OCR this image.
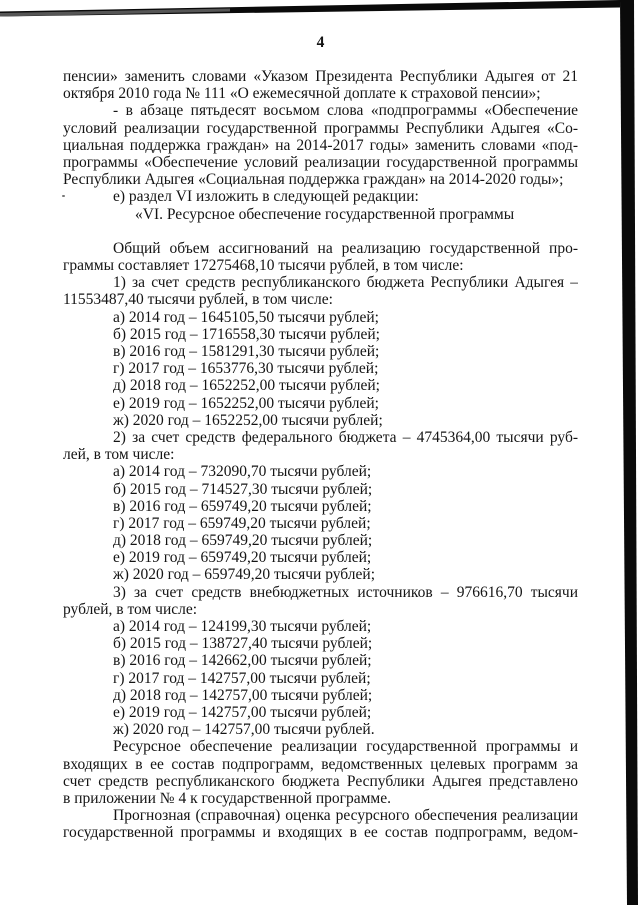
4
пенсии» заменить словами «Указом Президента Республики Адыгея от 21
октября 2010 года № 111 «О ежемесячной доплате к страховой пенсии»;
- в абзаце пятьдесят восьмом слова «подпрограммы «Обеспечение
условий реализации государственной программы Республики Адыгея «Со-
циальная поддержка граждан» на 2014-2017 годы» заменить словами «под-
программы «Обеспечение условий реализации государственной программы
Республики Адыгея «Социальная поддержка граждан» на 2014-2020 годы»;
е) раздел VI изложить в следующей редакции:
«VI. Ресурсное обеспечение государственной программы
Общий объем ассигнований на реализацию государственной про-
граммы составляет 17275468,10 тысячи рублей, в том числе:
1) за счет средств республиканского бюджета Республики Адыгея –
11553487,40 тысячи рублей, в том числе:
а) 2014 год – 1645105,50 тысячи рублей;
б) 2015 год – 1716558,30 тысячи рублей;
в) 2016 год – 1581291,30 тысячи рублей;
г) 2017 год – 1653776,30 тысячи рублей;
д) 2018 год – 1652252,00 тысячи рублей;
е) 2019 год – 1652252,00 тысячи рублей;
ж) 2020 год – 1652252,00 тысячи рублей;
2) за счет средств федерального бюджета – 4745364,00 тысячи руб-
лей, в том числе:
а) 2014 год – 732090,70 тысячи рублей;
б) 2015 год – 714527,30 тысячи рублей;
в) 2016 год – 659749,20 тысячи рублей;
г) 2017 год – 659749,20 тысячи рублей;
д) 2018 год – 659749,20 тысячи рублей;
е) 2019 год – 659749,20 тысячи рублей;
ж) 2020 год – 659749,20 тысячи рублей;
3) за счет средств внебюджетных источников – 976616,70 тысячи
рублей, в том числе:
а) 2014 год – 124199,30 тысячи рублей;
б) 2015 год – 138727,40 тысячи рублей;
в) 2016 год – 142662,00 тысячи рублей;
г) 2017 год – 142757,00 тысячи рублей;
д) 2018 год – 142757,00 тысячи рублей;
е) 2019 год – 142757,00 тысячи рублей;
ж) 2020 год – 142757,00 тысячи рублей.
Ресурсное обеспечение реализации государственной программы и
входящих в ее состав подпрограмм, ведомственных целевых программ за
счет средств республиканского бюджета Республики Адыгея представлено
в приложении № 4 к государственной программе.
Прогнозная (справочная) оценка ресурсного обеспечения реализации
государственной программы и входящих в ее состав подпрограмм, ведом-
